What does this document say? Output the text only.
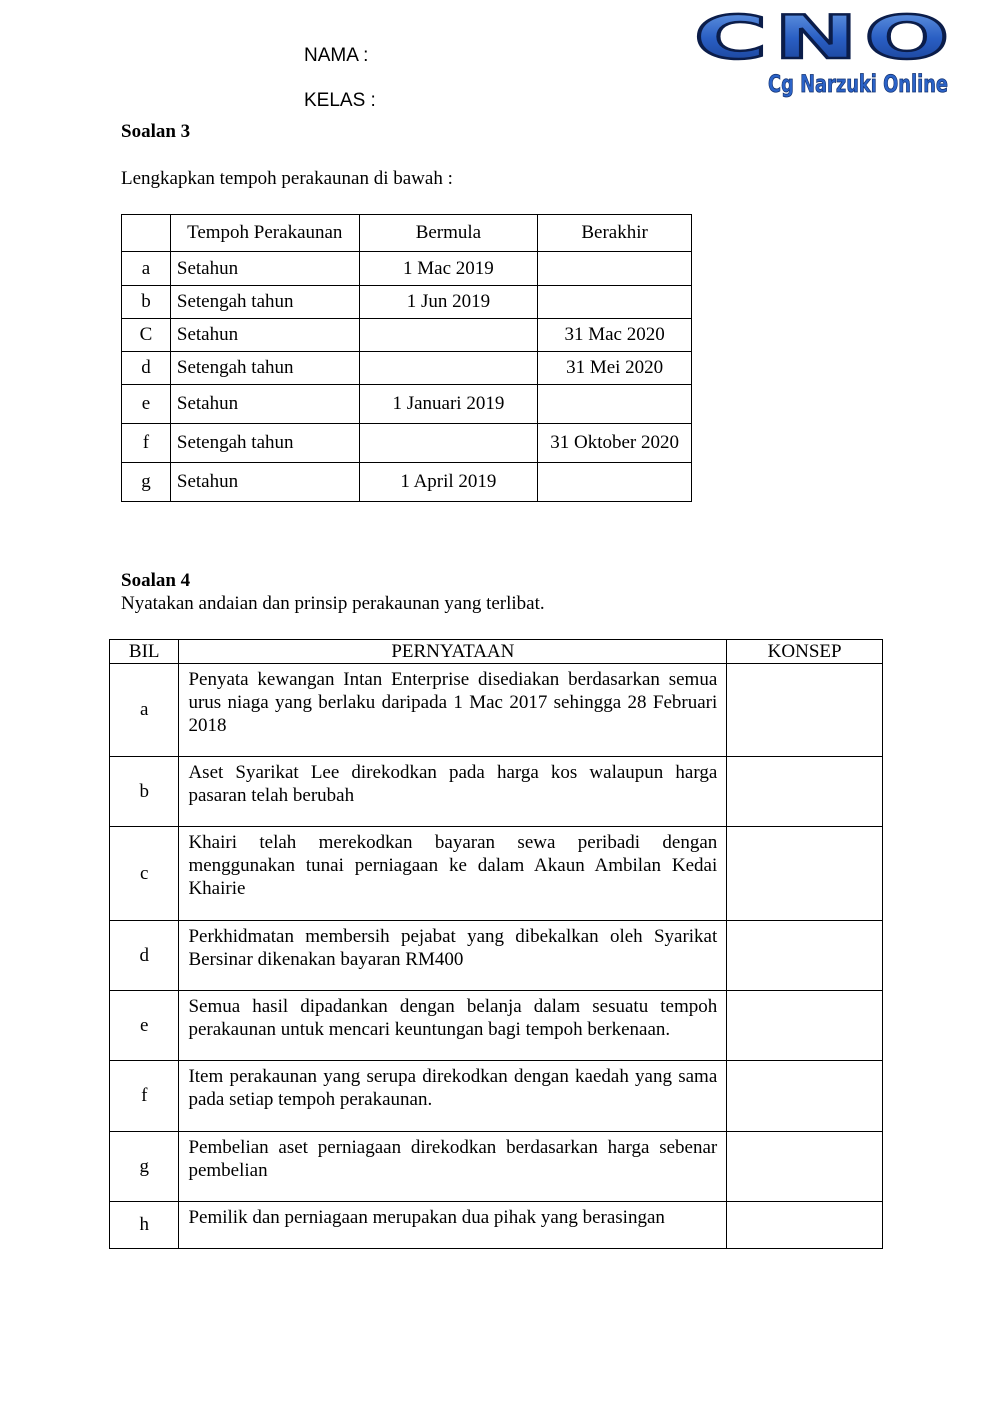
NAMA :
KELAS :
CNO
Cg Narzuki Online
Soalan 3
Lengkapkan tempoh perakaunan di bawah :
	Tempoh Perakaunan	Bermula	Berakhir
a	Setahun	1 Mac 2019	
b	Setengah tahun	1 Jun 2019	
C	Setahun		31 Mac 2020
d	Setengah tahun		31 Mei 2020
e	Setahun	1 Januari 2019	
f	Setengah tahun		31 Oktober 2020
g	Setahun	1 April 2019	
Soalan 4
Nyatakan andaian dan prinsip perakaunan yang terlibat.
BIL	PERNYATAAN	KONSEP
a	Penyata kewangan Intan Enterprise disediakan berdasarkan semua urus niaga yang berlaku daripada 1 Mac 2017 sehingga 28 Februari 2018	
b	Aset Syarikat Lee direkodkan pada harga kos walaupun harga pasaran telah berubah	
c	Khairi telah merekodkan bayaran sewa peribadi dengan menggunakan tunai perniagaan ke dalam Akaun Ambilan Kedai Khairie	
d	Perkhidmatan membersih pejabat yang dibekalkan oleh Syarikat Bersinar dikenakan bayaran RM400	
e	Semua hasil dipadankan dengan belanja dalam sesuatu tempoh perakaunan untuk mencari keuntungan bagi tempoh berkenaan.	
f	Item perakaunan yang serupa direkodkan dengan kaedah yang sama pada setiap tempoh perakaunan.	
g	Pembelian aset perniagaan direkodkan berdasarkan harga sebenar pembelian	
h	Pemilik dan perniagaan merupakan dua pihak yang berasingan	
